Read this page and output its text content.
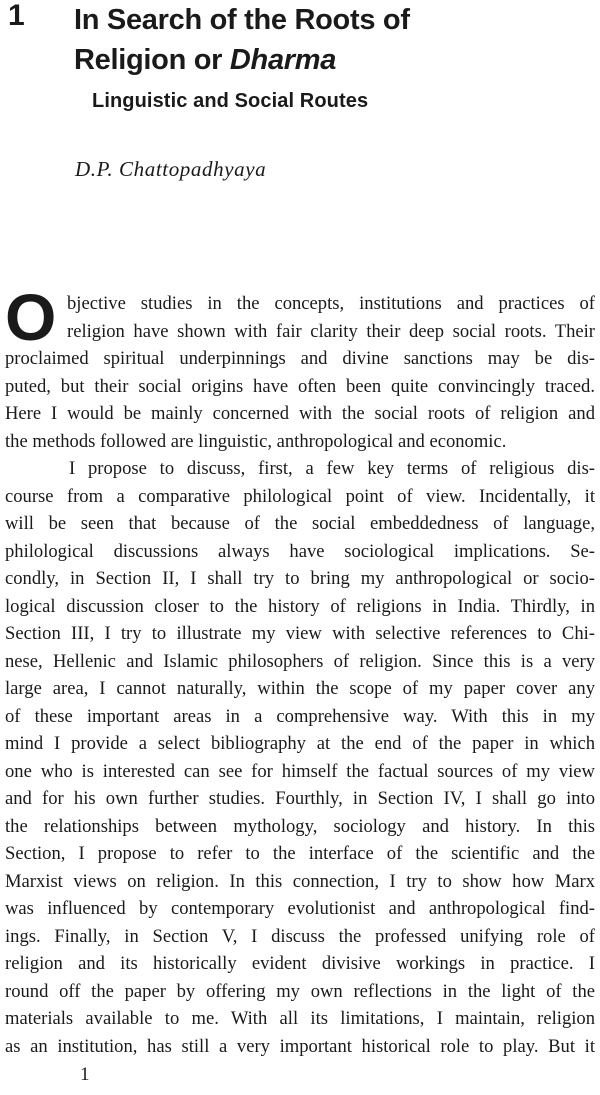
1 In Search of the Roots of
Religion or Dharma
Linguistic and Social Routes
D.P. Chattopadhyaya
O bjective studies in the concepts, institutions and practices of
religion have shown with fair clarity their deep social roots. Their
proclaimed spiritual underpinnings and divine sanctions may be dis-
puted, but their social origins have often been quite convincingly traced.
Here I would be mainly concerned with the social roots of religion and
the methods followed are linguistic, anthropological and economic.
I propose to discuss, first, a few key terms of religious dis-
course from a comparative philological point of view. Incidentally, it
will be seen that because of the social embeddedness of language,
philological discussions always have sociological implications. Se-
condly, in Section II, I shall try to bring my anthropological or socio-
logical discussion closer to the history of religions in India. Thirdly, in
Section III, I try to illustrate my view with selective references to Chi-
nese, Hellenic and Islamic philosophers of religion. Since this is a very
large area, I cannot naturally, within the scope of my paper cover any
of these important areas in a comprehensive way. With this in my
mind I provide a select bibliography at the end of the paper in which
one who is interested can see for himself the factual sources of my view
and for his own further studies. Fourthly, in Section IV, I shall go into
the relationships between mythology, sociology and history. In this
Section, I propose to refer to the interface of the scientific and the
Marxist views on religion. In this connection, I try to show how Marx
was influenced by contemporary evolutionist and anthropological find-
ings. Finally, in Section V, I discuss the professed unifying role of
religion and its historically evident divisive workings in practice. I
round off the paper by offering my own reflections in the light of the
materials available to me. With all its limitations, I maintain, religion
as an institution, has still a very important historical role to play. But it
1
